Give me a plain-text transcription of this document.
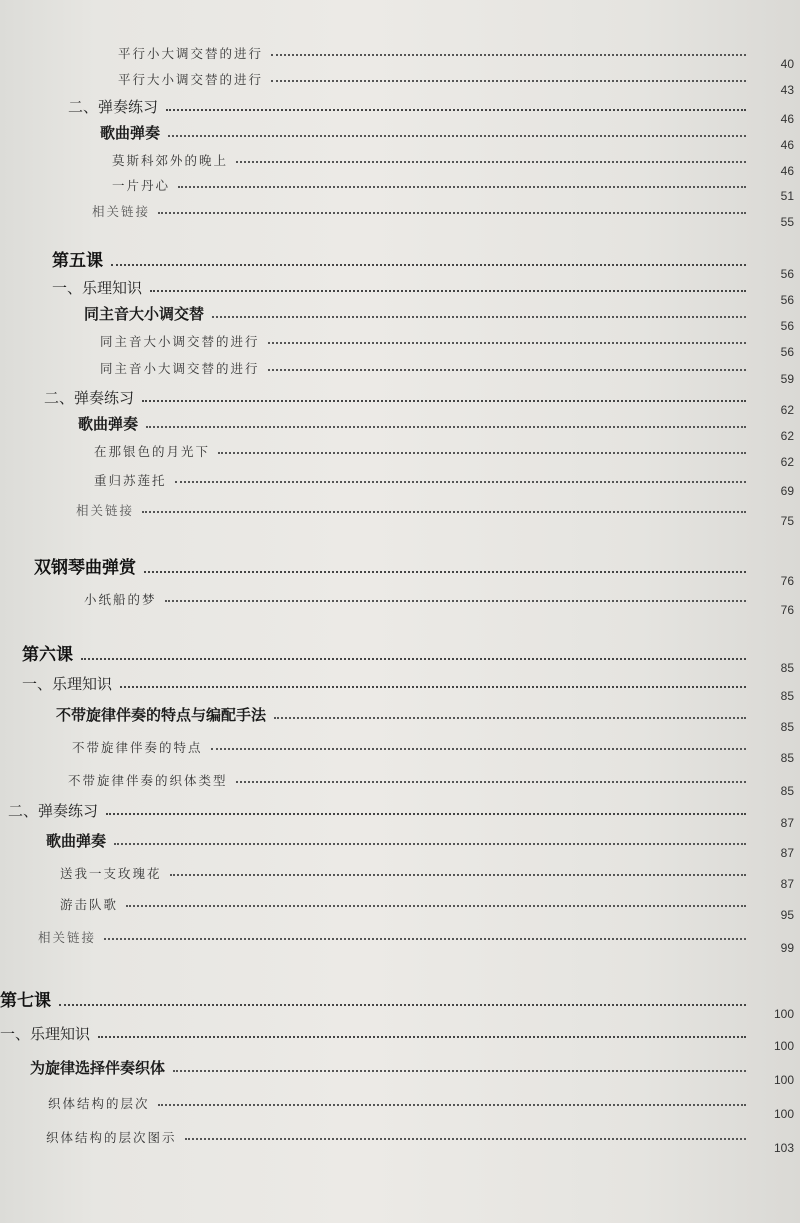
平行小大调交替的进行
40
平行大小调交替的进行
43
二、弹奏练习
46
歌曲弹奏
46
莫斯科郊外的晚上
46
一片丹心
51
相关链接
55
第五课
56
一、乐理知识
56
同主音大小调交替
56
同主音大小调交替的进行
56
同主音小大调交替的进行
59
二、弹奏练习
62
歌曲弹奏
62
在那银色的月光下
62
重归苏莲托
69
相关链接
75
双钢琴曲弹赏
76
小纸船的梦
76
第六课
85
一、乐理知识
85
不带旋律伴奏的特点与编配手法
85
不带旋律伴奏的特点
85
不带旋律伴奏的织体类型
85
二、弹奏练习
87
歌曲弹奏
87
送我一支玫瑰花
87
游击队歌
95
相关链接
99
第七课
100
一、乐理知识
100
为旋律选择伴奏织体
100
织体结构的层次
100
织体结构的层次图示
103
